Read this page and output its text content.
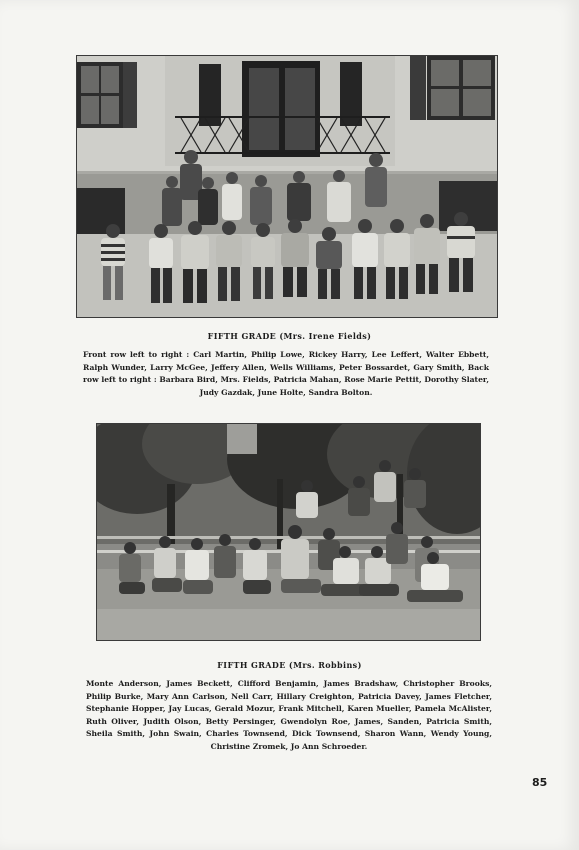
FIFTH GRADE (Mrs. Irene Fields)
Front row left to right : Carl Martin, Philip Lowe, Rickey Harry, Lee Leffert, Walter Ebbett, Ralph Wunder, Larry McGee, Jeffery Allen, Wells Williams, Peter Bossardet, Gary Smith, Back row left to right : Barbara Bird, Mrs. Fields, Patricia Mahan, Rose Marie Pettit, Dorothy Slater, Judy Gazdak, June Holte, Sandra Bolton.
FIFTH GRADE (Mrs. Robbins)
Monte Anderson, James Beckett, Clifford Benjamin, James Bradshaw, Christopher Brooks, Philip Burke, Mary Ann Carlson, Nell Carr, Hillary Creighton, Patricia Davey, James Fletcher, Stephanie Hopper, Jay Lucas, Gerald Mozur, Frank Mitchell, Karen Mueller, Pamela McAlister, Ruth Oliver, Judith Olson, Betty Persinger, Gwendolyn Roe, James, Sanden, Patricia Smith, Sheila Smith, John Swain, Charles Townsend, Dick Townsend, Sharon Wann, Wendy Young, Christine Zromek, Jo Ann Schroeder.
85
